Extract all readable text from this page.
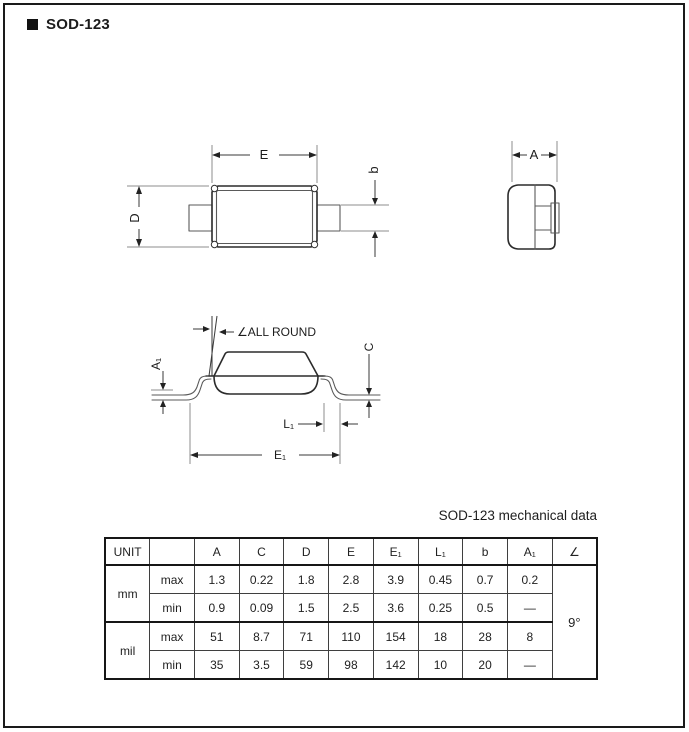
SOD-123
E
D
b
A
∠ALL ROUND
A₁
C
L₁
E₁
SOD-123 mechanical data
UNIT		A	C	D	E	E₁	L₁	b	A₁	∠
mm	max	1.3	0.22	1.8	2.8	3.9	0.45	0.7	0.2	9°
	min	0.9	0.09	1.5	2.5	3.6	0.25	0.5	—	
mil	max	51	8.7	71	110	154	18	28	8	
	min	35	3.5	59	98	142	10	20	—	
